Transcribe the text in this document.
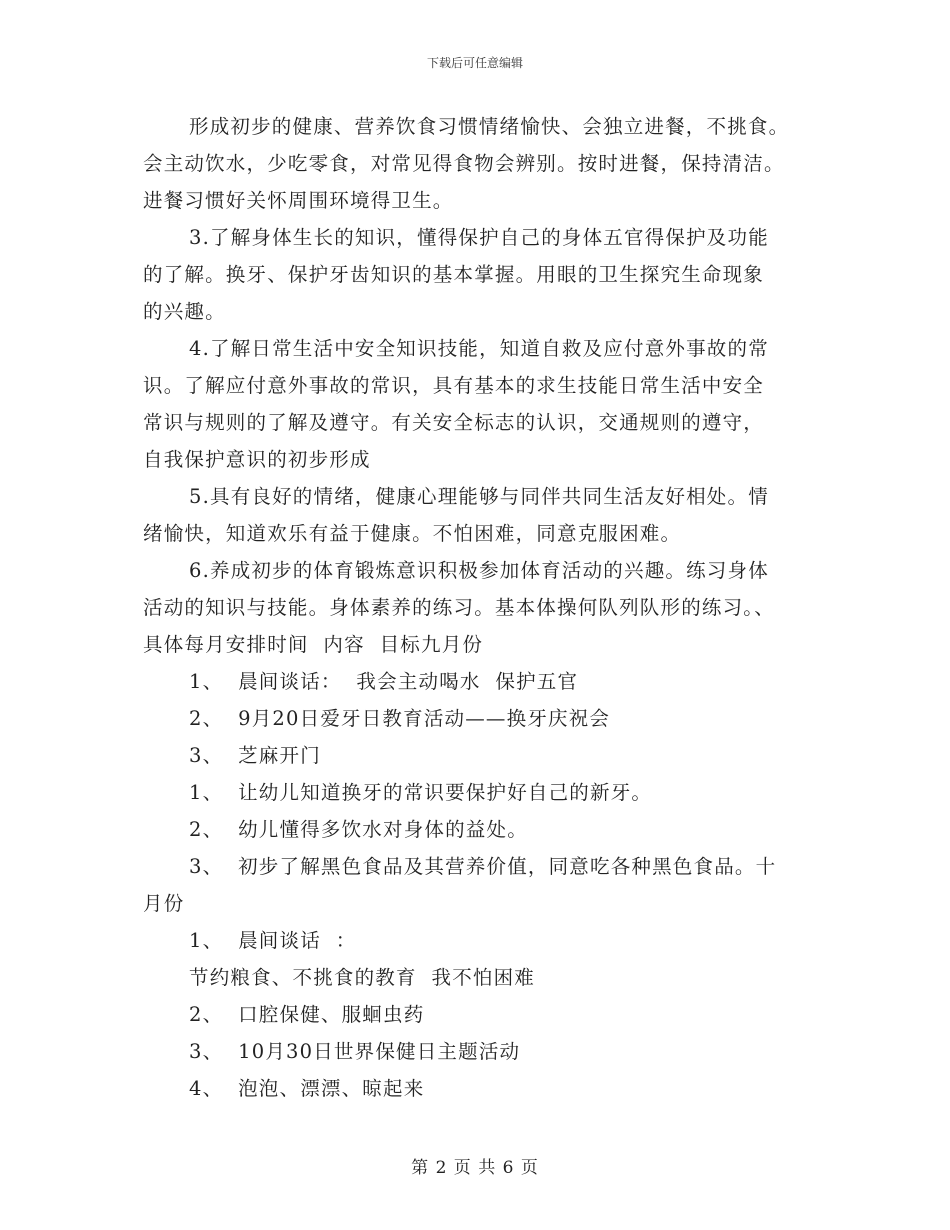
下载后可任意编辑
形成初步的健康、营养饮食习惯情绪愉快、会独立进餐，不挑食。
会主动饮水，少吃零食，对常见得食物会辨别。按时进餐，保持清洁。
进餐习惯好关怀周围环境得卫生。
3.了解身体生长的知识，懂得保护自己的身体五官得保护及功能
的了解。换牙、保护牙齿知识的基本掌握。用眼的卫生探究生命现象
的兴趣。
4.了解日常生活中安全知识技能，知道自救及应付意外事故的常
识。了解应付意外事故的常识，具有基本的求生技能日常生活中安全
常识与规则的了解及遵守。有关安全标志的认识，交通规则的遵守，
自我保护意识的初步形成
5.具有良好的情绪，健康心理能够与同伴共同生活友好相处。情
绪愉快，知道欢乐有益于健康。不怕困难，同意克服困难。
6.养成初步的体育锻炼意识积极参加体育活动的兴趣。练习身体
活动的知识与技能。身体素养的练习。基本体操何队列队形的练习。、
具体每月安排时间  内容  目标九月份
1、  晨间谈话：  我会主动喝水  保护五官
2、  9月20日爱牙日教育活动——换牙庆祝会
3、  芝麻开门
1、  让幼儿知道换牙的常识要保护好自己的新牙。
2、  幼儿懂得多饮水对身体的益处。
3、  初步了解黑色食品及其营养价值，同意吃各种黑色食品。十
月份
1、  晨间谈话  ：
节约粮食、不挑食的教育  我不怕困难
2、  口腔保健、服蛔虫药
3、  10月30日世界保健日主题活动
4、  泡泡、漂漂、晾起来
第 2 页 共 6 页
